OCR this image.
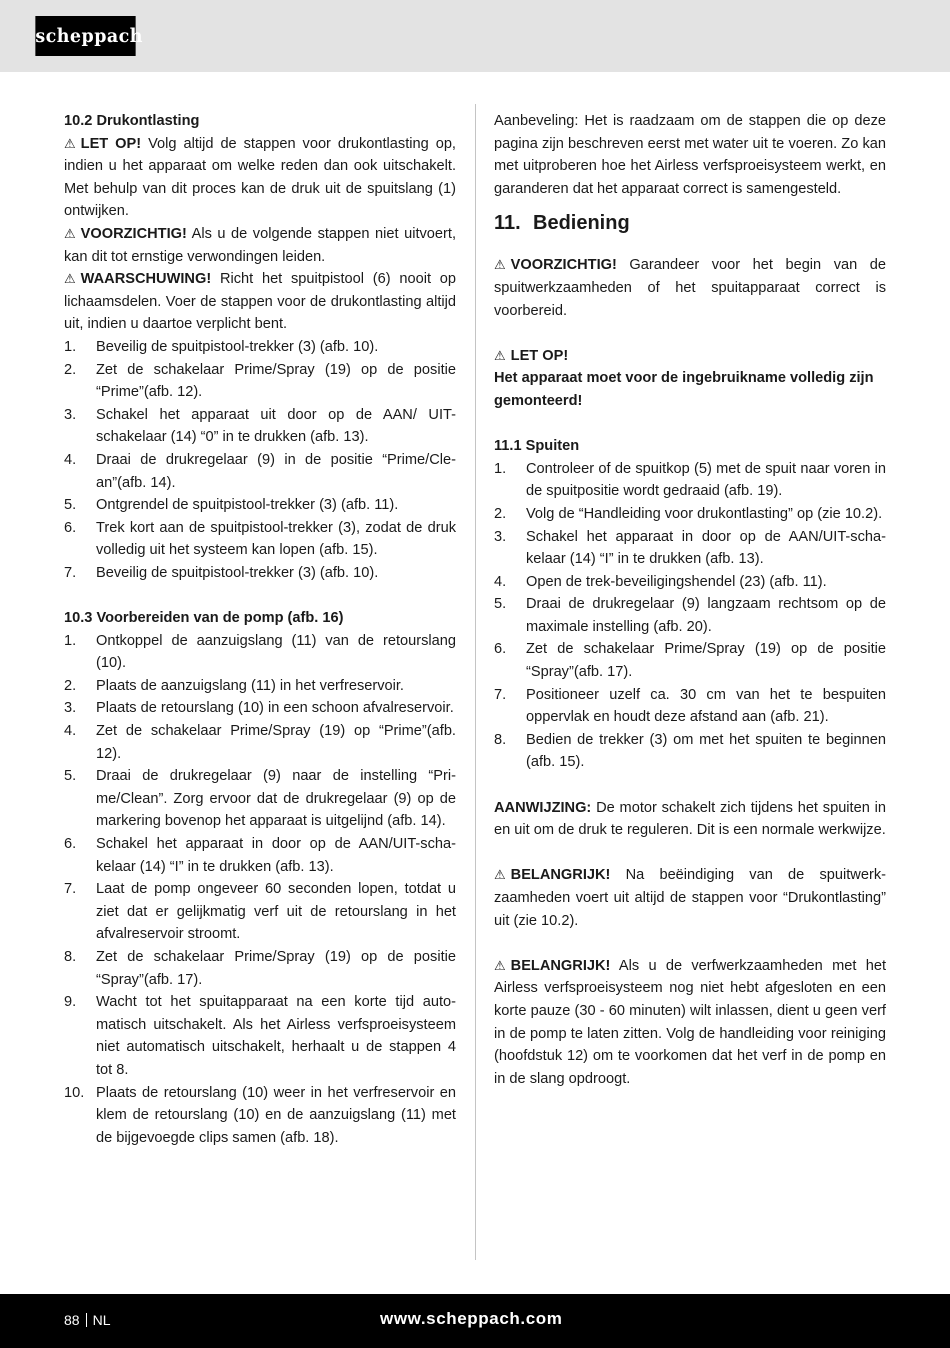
scheppach

10.2 Drukontlasting

⚠ LET OP! Volg altijd de stappen voor drukontlasting op, indien u het apparaat om welke reden dan ook uitschakelt. Met behulp van dit proces kan de druk uit de spuitslang (1) ontwijken.

⚠ VOORZICHTIG! Als u de volgende stappen niet uitvoert, kan dit tot ernstige verwondingen leiden.

⚠ WAARSCHUWING! Richt het spuitpistool (6) nooit op lichaamsdelen. Voer de stappen voor de drukontlasting altijd uit, indien u daartoe verplicht bent.

1. Beveilig de spuitpistool-trekker (3) (afb. 10).
2. Zet de schakelaar Prime/Spray (19) op de positie “Prime”(afb. 12).
3. Schakel het apparaat uit door op de AAN/ UIT-schakelaar (14) “0” in te drukken (afb. 13).
4. Draai de drukregelaar (9) in de positie “Prime/Clean”(afb. 14).
5. Ontgrendel de spuitpistool-trekker (3) (afb. 11).
6. Trek kort aan de spuitpistool-trekker (3), zodat de druk volledig uit het systeem kan lopen (afb. 15).
7. Beveilig de spuitpistool-trekker (3) (afb. 10).

10.3 Voorbereiden van de pomp (afb. 16)

1. Ontkoppel de aanzuigslang (11) van de retourslang (10).
2. Plaats de aanzuigslang (11) in het verfreservoir.
3. Plaats de retourslang (10) in een schoon afvalreservoir.
4. Zet de schakelaar Prime/Spray (19) op “Prime”(afb. 12).
5. Draai de drukregelaar (9) naar de instelling “Prime/Clean”. Zorg ervoor dat de drukregelaar (9) op de markering bovenop het apparaat is uitgelijnd (afb. 14).
6. Schakel het apparaat in door op de AAN/UIT-schakelaar (14) “I” in te drukken (afb. 13).
7. Laat de pomp ongeveer 60 seconden lopen, totdat u ziet dat er gelijkmatig verf uit de retourslang in het afvalreservoir stroomt.
8. Zet de schakelaar Prime/Spray (19) op de positie “Spray”(afb. 17).
9. Wacht tot het spuitapparaat na een korte tijd automatisch uitschakelt. Als het Airless verfsproeisysteem niet automatisch uitschakelt, herhaalt u de stappen 4 tot 8.
10. Plaats de retourslang (10) weer in het verfreservoir en klem de retourslang (10) en de aanzuigslang (11) met de bijgevoegde clips samen (afb. 18).

Aanbeveling: Het is raadzaam om de stappen die op deze pagina zijn beschreven eerst met water uit te voeren. Zo kan met uitproberen hoe het Airless verfsproeisysteem werkt, en garanderen dat het apparaat correct is samengesteld.

11. Bediening

⚠ VOORZICHTIG! Garandeer voor het begin van de spuitwerkzaamheden of het spuitapparaat correct is voorbereid.

⚠ LET OP!

Het apparaat moet voor de ingebruikname volledig zijn gemonteerd!

11.1 Spuiten

1. Controleer of de spuitkop (5) met de spuit naar voren in de spuitpositie wordt gedraaid (afb. 19).
2. Volg de “Handleiding voor drukontlasting” op (zie 10.2).
3. Schakel het apparaat in door op de AAN/UIT-schakelaar (14) “I” in te drukken (afb. 13).
4. Open de trek-beveiligingshendel (23) (afb. 11).
5. Draai de drukregelaar (9) langzaam rechtsom op de maximale instelling (afb. 20).
6. Zet de schakelaar Prime/Spray (19) op de positie “Spray”(afb. 17).
7. Positioneer uzelf ca. 30 cm van het te bespuiten oppervlak en houdt deze afstand aan (afb. 21).
8. Bedien de trekker (3) om met het spuiten te beginnen (afb. 15).

AANWIJZING: De motor schakelt zich tijdens het spuiten in en uit om de druk te reguleren. Dit is een normale werkwijze.

⚠ BELANGRIJK! Na beëindiging van de spuitwerkzaamheden voert uit altijd de stappen voor “Drukontlasting” uit (zie 10.2).

⚠ BELANGRIJK! Als u de verfwerkzaamheden met het Airless verfsproeisysteem nog niet hebt afgesloten en een korte pauze (30 - 60 minuten) wilt inlassen, dient u geen verf in de pomp te laten zitten. Volg de handleiding voor reiniging (hoofdstuk 12) om te voorkomen dat het verf in de pomp en in de slang opdroogt.

88 NL	www.scheppach.com
